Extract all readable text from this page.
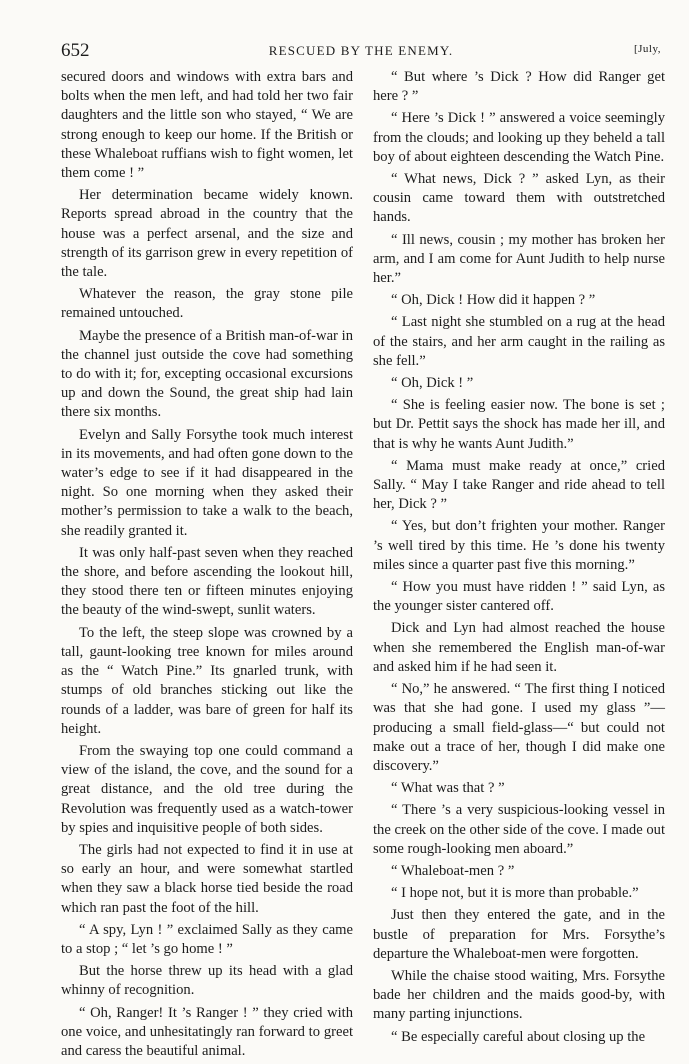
652	RESCUED BY THE ENEMY.	[July,

secured doors and windows with extra bars and bolts when the men left, and had told her two fair daughters and the little son who stayed, “ We are strong enough to keep our home. If the British or these Whaleboat ruffians wish to fight women, let them come ! ”

Her determination became widely known. Reports spread abroad in the country that the house was a perfect arsenal, and the size and strength of its garrison grew in every repetition of the tale.

Whatever the reason, the gray stone pile remained untouched.

Maybe the presence of a British man-of-war in the channel just outside the cove had something to do with it; for, excepting occasional excursions up and down the Sound, the great ship had lain there six months.

Evelyn and Sally Forsythe took much interest in its movements, and had often gone down to the water’s edge to see if it had disappeared in the night. So one morning when they asked their mother’s permission to take a walk to the beach, she readily granted it.

It was only half-past seven when they reached the shore, and before ascending the lookout hill, they stood there ten or fifteen minutes enjoying the beauty of the wind-swept, sunlit waters.

To the left, the steep slope was crowned by a tall, gaunt-looking tree known for miles around as the “ Watch Pine.” Its gnarled trunk, with stumps of old branches sticking out like the rounds of a ladder, was bare of green for half its height.

From the swaying top one could command a view of the island, the cove, and the sound for a great distance, and the old tree during the Revolution was frequently used as a watch-tower by spies and inquisitive people of both sides.

The girls had not expected to find it in use at so early an hour, and were somewhat startled when they saw a black horse tied beside the road which ran past the foot of the hill.

“ A spy, Lyn ! ” exclaimed Sally as they came to a stop ; “ let ’s go home ! ”

But the horse threw up its head with a glad whinny of recognition.

“ Oh, Ranger! It ’s Ranger ! ” they cried with one voice, and unhesitatingly ran forward to greet and caress the beautiful animal.

“ But where ’s Dick ? How did Ranger get here ? ”

“ Here ’s Dick ! ” answered a voice seemingly from the clouds; and looking up they beheld a tall boy of about eighteen descending the Watch Pine.

“ What news, Dick ? ” asked Lyn, as their cousin came toward them with outstretched hands.

“ Ill news, cousin ; my mother has broken her arm, and I am come for Aunt Judith to help nurse her.”

“ Oh, Dick ! How did it happen ? ”

“ Last night she stumbled on a rug at the head of the stairs, and her arm caught in the railing as she fell.”

“ Oh, Dick ! ”

“ She is feeling easier now. The bone is set ; but Dr. Pettit says the shock has made her ill, and that is why he wants Aunt Judith.”

“ Mama must make ready at once,” cried Sally. “ May I take Ranger and ride ahead to tell her, Dick ? ”

“ Yes, but don’t frighten your mother. Ranger ’s well tired by this time. He ’s done his twenty miles since a quarter past five this morning.”

“ How you must have ridden ! ” said Lyn, as the younger sister cantered off.

Dick and Lyn had almost reached the house when she remembered the English man-of-war and asked him if he had seen it.

“ No,” he answered. “ The first thing I noticed was that she had gone. I used my glass ”—producing a small field-glass—“ but could not make out a trace of her, though I did make one discovery.”

“ What was that ? ”

“ There ’s a very suspicious-looking vessel in the creek on the other side of the cove. I made out some rough-looking men aboard.”

“ Whaleboat-men ? ”

“ I hope not, but it is more than probable.”

Just then they entered the gate, and in the bustle of preparation for Mrs. Forsythe’s departure the Whaleboat-men were forgotten.

While the chaise stood waiting, Mrs. Forsythe bade her children and the maids good-by, with many parting injunctions.

“ Be especially careful about closing up the
